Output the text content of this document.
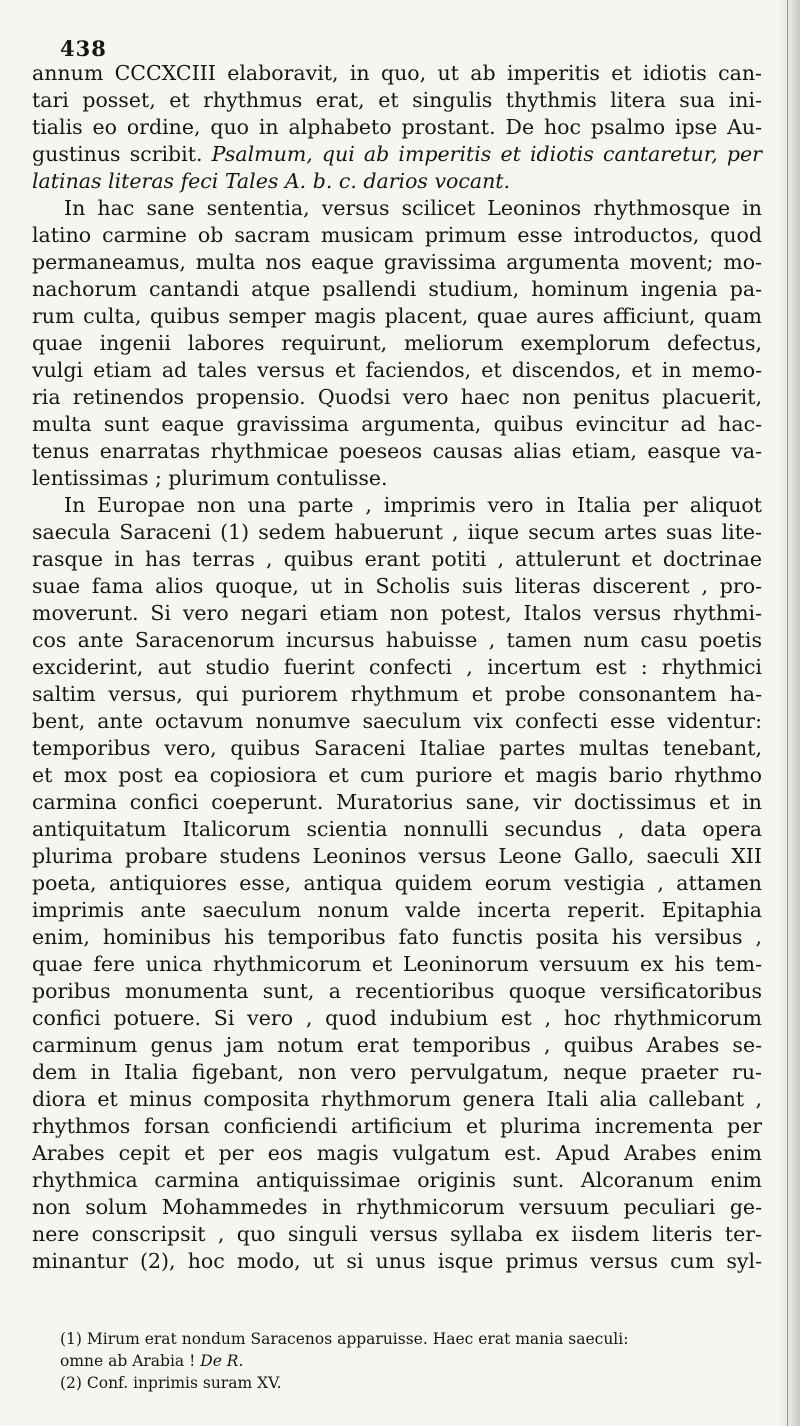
438
annum CCCXCIII elaboravit, in quo, ut ab imperitis et idiotis can-
tari posset, et rhythmus erat, et singulis thythmis litera sua ini-
tialis eo ordine, quo in alphabeto prostant. De hoc psalmo ipse Au-
gustinus scribit. Psalmum, qui ab imperitis et idiotis cantaretur, per
latinas literas feci Tales A. b. c. darios vocant.
In hac sane sententia, versus scilicet Leoninos rhythmosque in
latino carmine ob sacram musicam primum esse introductos, quod
permaneamus, multa nos eaque gravissima argumenta movent; mo-
nachorum cantandi atque psallendi studium, hominum ingenia pa-
rum culta, quibus semper magis placent, quae aures afficiunt, quam
quae ingenii labores requirunt, meliorum exemplorum defectus,
vulgi etiam ad tales versus et faciendos, et discendos, et in memo-
ria retinendos propensio. Quodsi vero haec non penitus placuerit,
multa sunt eaque gravissima argumenta, quibus evincitur ad hac-
tenus enarratas rhythmicae poeseos causas alias etiam, easque va-
lentissimas ; plurimum contulisse.
In Europae non una parte , imprimis vero in Italia per aliquot
saecula Saraceni (1) sedem habuerunt , iique secum artes suas lite-
rasque in has terras , quibus erant potiti , attulerunt et doctrinae
suae fama alios quoque, ut in Scholis suis literas discerent , pro-
moverunt. Si vero negari etiam non potest, Italos versus rhythmi-
cos ante Saracenorum incursus habuisse , tamen num casu poetis
exciderint, aut studio fuerint confecti , incertum est : rhythmici
saltim versus, qui puriorem rhythmum et probe consonantem ha-
bent, ante octavum nonumve saeculum vix confecti esse videntur:
temporibus vero, quibus Saraceni Italiae partes multas tenebant,
et mox post ea copiosiora et cum puriore et magis bario rhythmo
carmina confici coeperunt. Muratorius sane, vir doctissimus et in
antiquitatum Italicorum scientia nonnulli secundus , data opera
plurima probare studens Leoninos versus Leone Gallo, saeculi XII
poeta, antiquiores esse, antiqua quidem eorum vestigia , attamen
imprimis ante saeculum nonum valde incerta reperit. Epitaphia
enim, hominibus his temporibus fato functis posita his versibus ,
quae fere unica rhythmicorum et Leoninorum versuum ex his tem-
poribus monumenta sunt, a recentioribus quoque versificatoribus
confici potuere. Si vero , quod indubium est , hoc rhythmicorum
carminum genus jam notum erat temporibus , quibus Arabes se-
dem in Italia figebant, non vero pervulgatum, neque praeter ru-
diora et minus composita rhythmorum genera Itali alia callebant ,
rhythmos forsan conficiendi artificium et plurima incrementa per
Arabes cepit et per eos magis vulgatum est. Apud Arabes enim
rhythmica carmina antiquissimae originis sunt. Alcoranum enim
non solum Mohammedes in rhythmicorum versuum peculiari ge-
nere conscripsit , quo singuli versus syllaba ex iisdem literis ter-
minantur (2), hoc modo, ut si unus isque primus versus cum syl-
(1) Mirum erat nondum Saracenos apparuisse. Haec erat mania saeculi:
omne ab Arabia ! De R.
(2) Conf. inprimis suram XV.
